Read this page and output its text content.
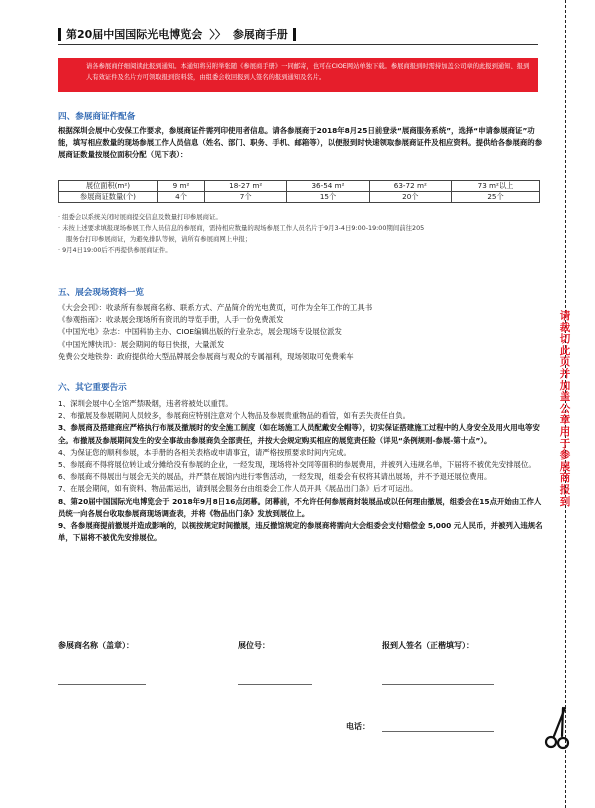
第20届中国国际光电博览会 〉〉 参展商手册
请各参展商仔细阅读此报到通知。本通知将另附举张随《参展商手册》一同邮寄，也可在CIOE网站单独下载。参展商报到时需持加盖公司章的此报到通知、报到人有效证件及名片方可领取报到资料袋，由组委会收回报到人签名的报到通知及名片。
四、参展商证件配备
根据深圳会展中心安保工作要求，参展商证件需列印使用者信息。请各参展商于2018年8月25日前登录“展商服务系统”，选择“申请参展商证”功能，填写相应数量的现场参展工作人员信息（姓名、部门、职务、手机、邮箱等），以便报到时快速领取参展商证件及相应资料。提供给各参展商的参展商证数量按展位面积分配（见下表）：
展位面积(m²)	9 m²	18-27 m²	36-54 m²	63-72 m²	73 m²以上
参展商证数量(个)	4个	7个	15个	20个	25个
· 组委会以系统关闭时展商提交信息及数量打印参展商证。
· 未按上述要求填报现场参展工作人员信息的参展商，需持相应数量的现场参展工作人员名片于9月3-4日9:00-19:00期间前往205
服务台打印参展商证，为避免排队等候，请所有参展商网上申报；
· 9月4日19:00后不再提供参展商证件。
五、展会现场资料一览
《大会会刊》：收录所有参展商名称、联系方式、产品简介的光电黄页，可作为全年工作的工具书
《参观指南》：收录展会现场所有资讯的导览手册，人手一份免费派发
《中国光电》杂志：中国科协主办、CIOE编辑出版的行业杂志，展会现场专设展位派发
《中国光博快讯》：展会期间的每日快报，大量派发
免费公交地铁券：政府提供给大型品牌展会参展商与观众的专属福利，现场领取可免费乘车
六、其它重要告示
1、深圳会展中心全馆严禁吸烟，违者将被处以重罚。
2、布撤展及参展期间人员较多，参展商应特别注意对个人物品及参展贵重物品的看管，如有丢失责任自负。
3、参展商及搭建商应严格执行布展及撤展时的安全施工制度（如在场施工人员配戴安全帽等），切实保证搭建施工过程中的人身安全及用火用电等安全。布撤展及参展期间发生的安全事故由参展商负全部责任，并按大会规定购买相应的展览责任险（详见“条例规则-参展-第十点”）。
4、为保证您的顺利参展，本手册的各相关表格或申请事宜，请严格按照要求时间内完成。
5、参展商不得将展位转让或分摊给没有参展的企业，一经发现，现场将补交同等面积的参展费用，并被列入违规名单，下届将不被优先安排展位。
6、参展商不得展出与展会无关的展品，并严禁在展馆内进行零售活动，一经发现，组委会有权将其请出展场，并不予退还展位费用。
7、在展会期间，如有资料、物品需运出，请到展会服务台由组委会工作人员开具《展品出门条》后才可运出。
8、第20届中国国际光电博览会于 2018年9月8日16点闭幕。闭幕前，不允许任何参展商封装展品或以任何理由撤展，组委会在15点开始由工作人员统一向各展台收取参展商现场调查表，并将《物品出门条》发放到展位上。
9、各参展商提前撤展并造成影响的，以视按规定时间撤展，违反撤馆规定的参展商将需向大会组委会支付赔偿金 5,000 元人民币，并被列入违规名单，下届将不被优先安排展位。
参展商名称（盖章）：	展位号：	报到人签名（正楷填写）：
电话：
请裁切此页并加盖公章用于参展商报到
